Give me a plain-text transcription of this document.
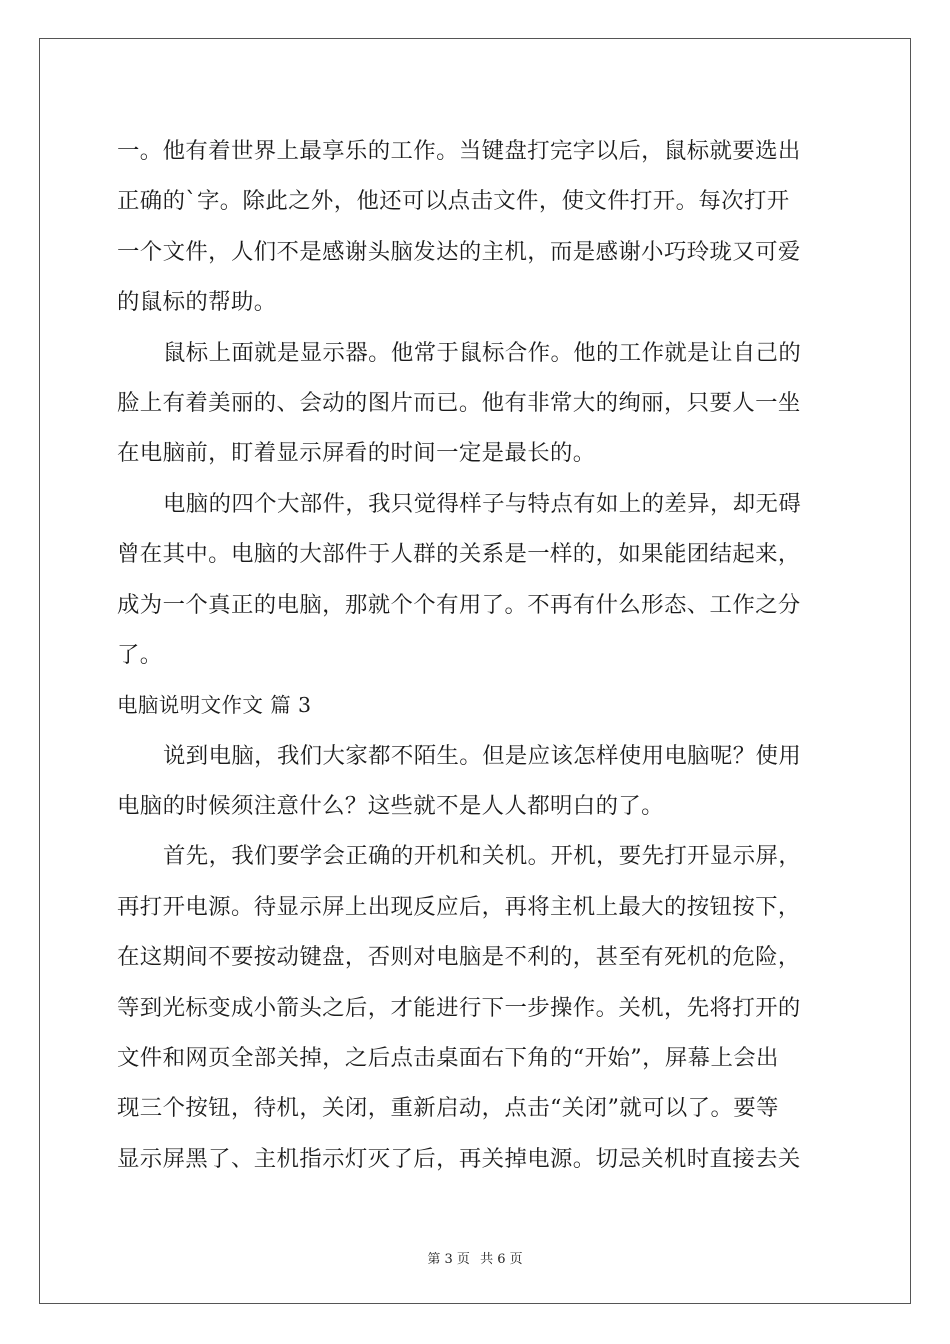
一。他有着世界上最享乐的工作。当键盘打完字以后，鼠标就要选出
正确的`字。除此之外，他还可以点击文件，使文件打开。每次打开
一个文件，人们不是感谢头脑发达的主机，而是感谢小巧玲珑又可爱
的鼠标的帮助。
鼠标上面就是显示器。他常于鼠标合作。他的工作就是让自己的
脸上有着美丽的、会动的图片而已。他有非常大的绚丽，只要人一坐
在电脑前，盯着显示屏看的时间一定是最长的。
电脑的四个大部件，我只觉得样子与特点有如上的差异，却无碍
曾在其中。电脑的大部件于人群的关系是一样的，如果能团结起来，
成为一个真正的电脑，那就个个有用了。不再有什么形态、工作之分
了。
电脑说明文作文 篇 3
说到电脑，我们大家都不陌生。但是应该怎样使用电脑呢？使用
电脑的时候须注意什么？这些就不是人人都明白的了。
首先，我们要学会正确的开机和关机。开机，要先打开显示屏，
再打开电源。待显示屏上出现反应后，再将主机上最大的按钮按下，
在这期间不要按动键盘，否则对电脑是不利的，甚至有死机的危险，
等到光标变成小箭头之后，才能进行下一步操作。关机，先将打开的
文件和网页全部关掉，之后点击桌面右下角的“开始”，屏幕上会出
现三个按钮，待机，关闭，重新启动，点击“关闭”就可以了。要等
显示屏黑了、主机指示灯灭了后，再关掉电源。切忌关机时直接去关
第 3 页 共 6 页
